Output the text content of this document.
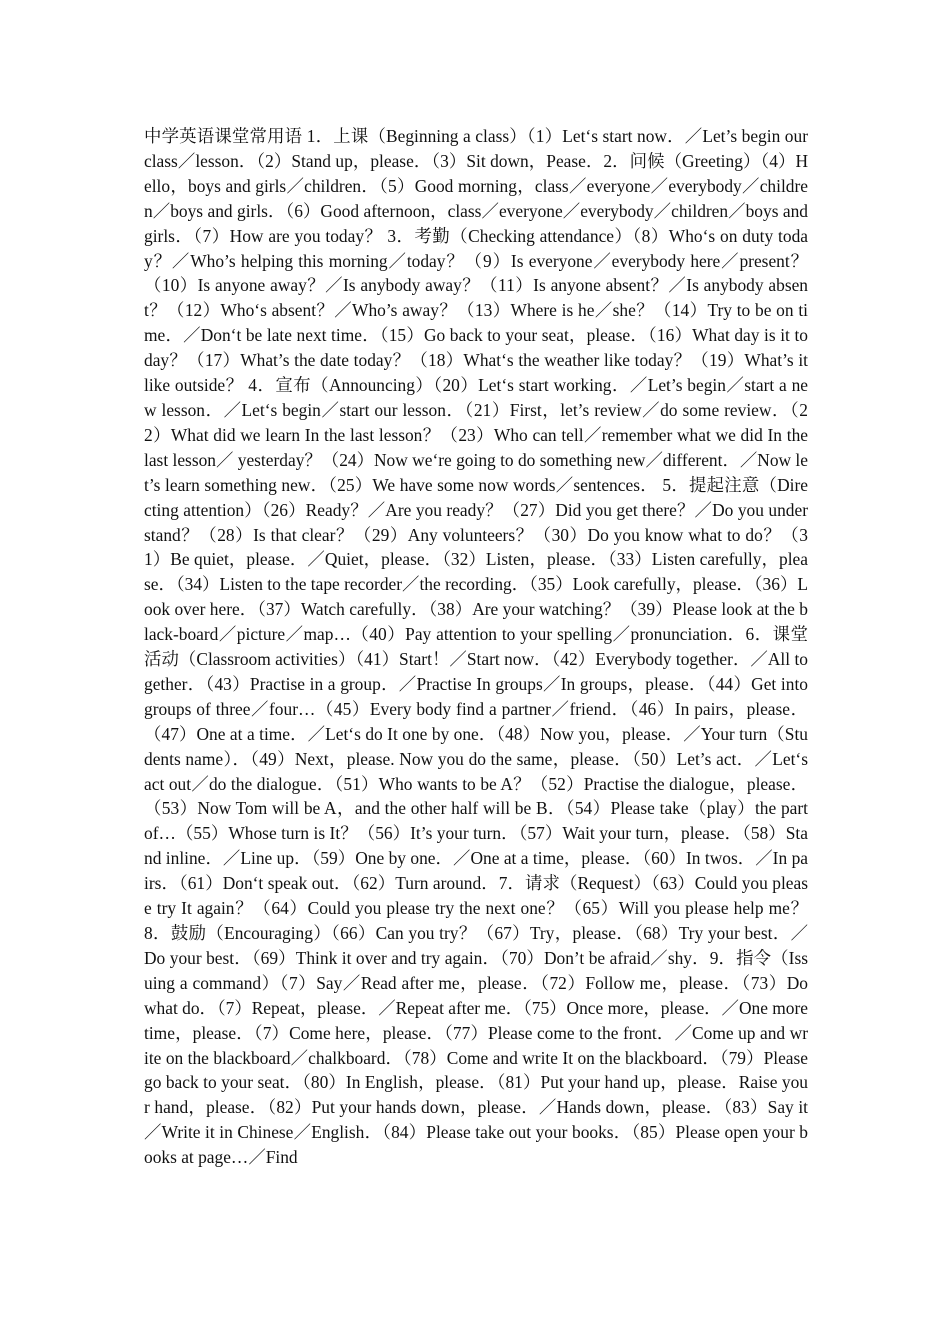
中学英语课堂常用语 1．上课（Beginning a class）（1）Let‘s start now．／Let’s begin our class／lesson．（2）Stand up，please．（3）Sit down，Pease．2．问候（Greeting）（4）Hello，boys and girls／children．（5）Good morning，class／everyone／everybody／children／boys and girls．（6）Good afternoon，class／everyone／everybody／children／boys and girls．（7）How are you today？ 3．考勤（Checking attendance）（8）Who‘s on duty today？／Who’s helping this morning／today？（9）Is everyone／everybody here／present？（10）Is anyone away？／Is anybody away？（11）Is anyone absent？／Is anybody absent？（12）Who‘s absent？／Who’s away？（13）Where is he／she？（14）Try to be on time．／Don‘t be late next time．（15）Go back to your seat，please．（16）What day is it today？（17）What’s the date today？（18）What‘s the weather like today？（19）What’s it like outside？ 4．宣布（Announcing）（20）Let‘s start working．／Let’s begin／start a new lesson．／Let‘s begin／start our lesson．（21）First，let’s review／do some review．（22）What did we learn In the last lesson？（23）Who can tell／remember what we did In the last lesson／ yesterday？（24）Now we‘re going to do something new／different．／Now let’s learn something new．（25）We have some now words／sentences． 5．提起注意（Directing attention）（26）Ready？／Are you ready？（27）Did you get there？／Do you understand？（28）Is that clear？（29）Any volunteers？（30）Do you know what to do？（31）Be quiet，please．／Quiet，please．（32）Listen，please．（33）Listen carefully，please．（34）Listen to the tape recorder／the recording．（35）Look carefully，please．（36）Look over here．（37）Watch carefully．（38）Are your watching？（39）Please look at the black-board／picture／map…（40）Pay attention to your spelling／pronunciation．6．课堂活动（Classroom activities）（41）Start！／Start now．（42）Everybody together．／All together．（43）Practise in a group．／Practise In groups／In groups，please．（44）Get into groups of three／four…（45）Every body find a partner／friend．（46）In pairs，please．（47）One at a time．／Let‘s do It one by one．（48）Now you，please．／Your turn（Students name）．（49）Next，please. Now you do the same，please．（50）Let’s act．／Let‘s act out／do the dialogue．（51）Who wants to be A？（52）Practise the dialogue，please．（53）Now Tom will be A，and the other half will be B．（54）Please take（play）the part of…（55）Whose turn is It？（56）It’s your turn．（57）Wait your turn，please．（58）Stand inline．／Line up．（59）One by one．／One at a time，please．（60）In twos．／In pairs．（61）Don‘t speak out．（62）Turn around．7．请求（Request）（63）Could you please try It again？（64）Could you please try the next one？（65）Will you please help me？ 8．鼓励（Encouraging）（66）Can you try？（67）Try，please．（68）Try your best．／Do your best．（69）Think it over and try again．（70）Don’t be afraid／shy．9．指令（Issuing a command）（7）Say／Read after me，please．（72）Follow me，please．（73）Do what do．（7）Repeat，please．／Repeat after me．（75）Once more，please．／One more time，please．（7）Come here，please．（77）Please come to the front．／Come up and write on the blackboard／chalkboard．（78）Come and write It on the blackboard．（79）Please go back to your seat．（80）In English，please．（81）Put your hand up，please．Raise your hand，please．（82）Put your hands down，please．／Hands down，please．（83）Say it／Write it in Chinese／English．（84）Please take out your books．（85）Please open your books at page…／Find
